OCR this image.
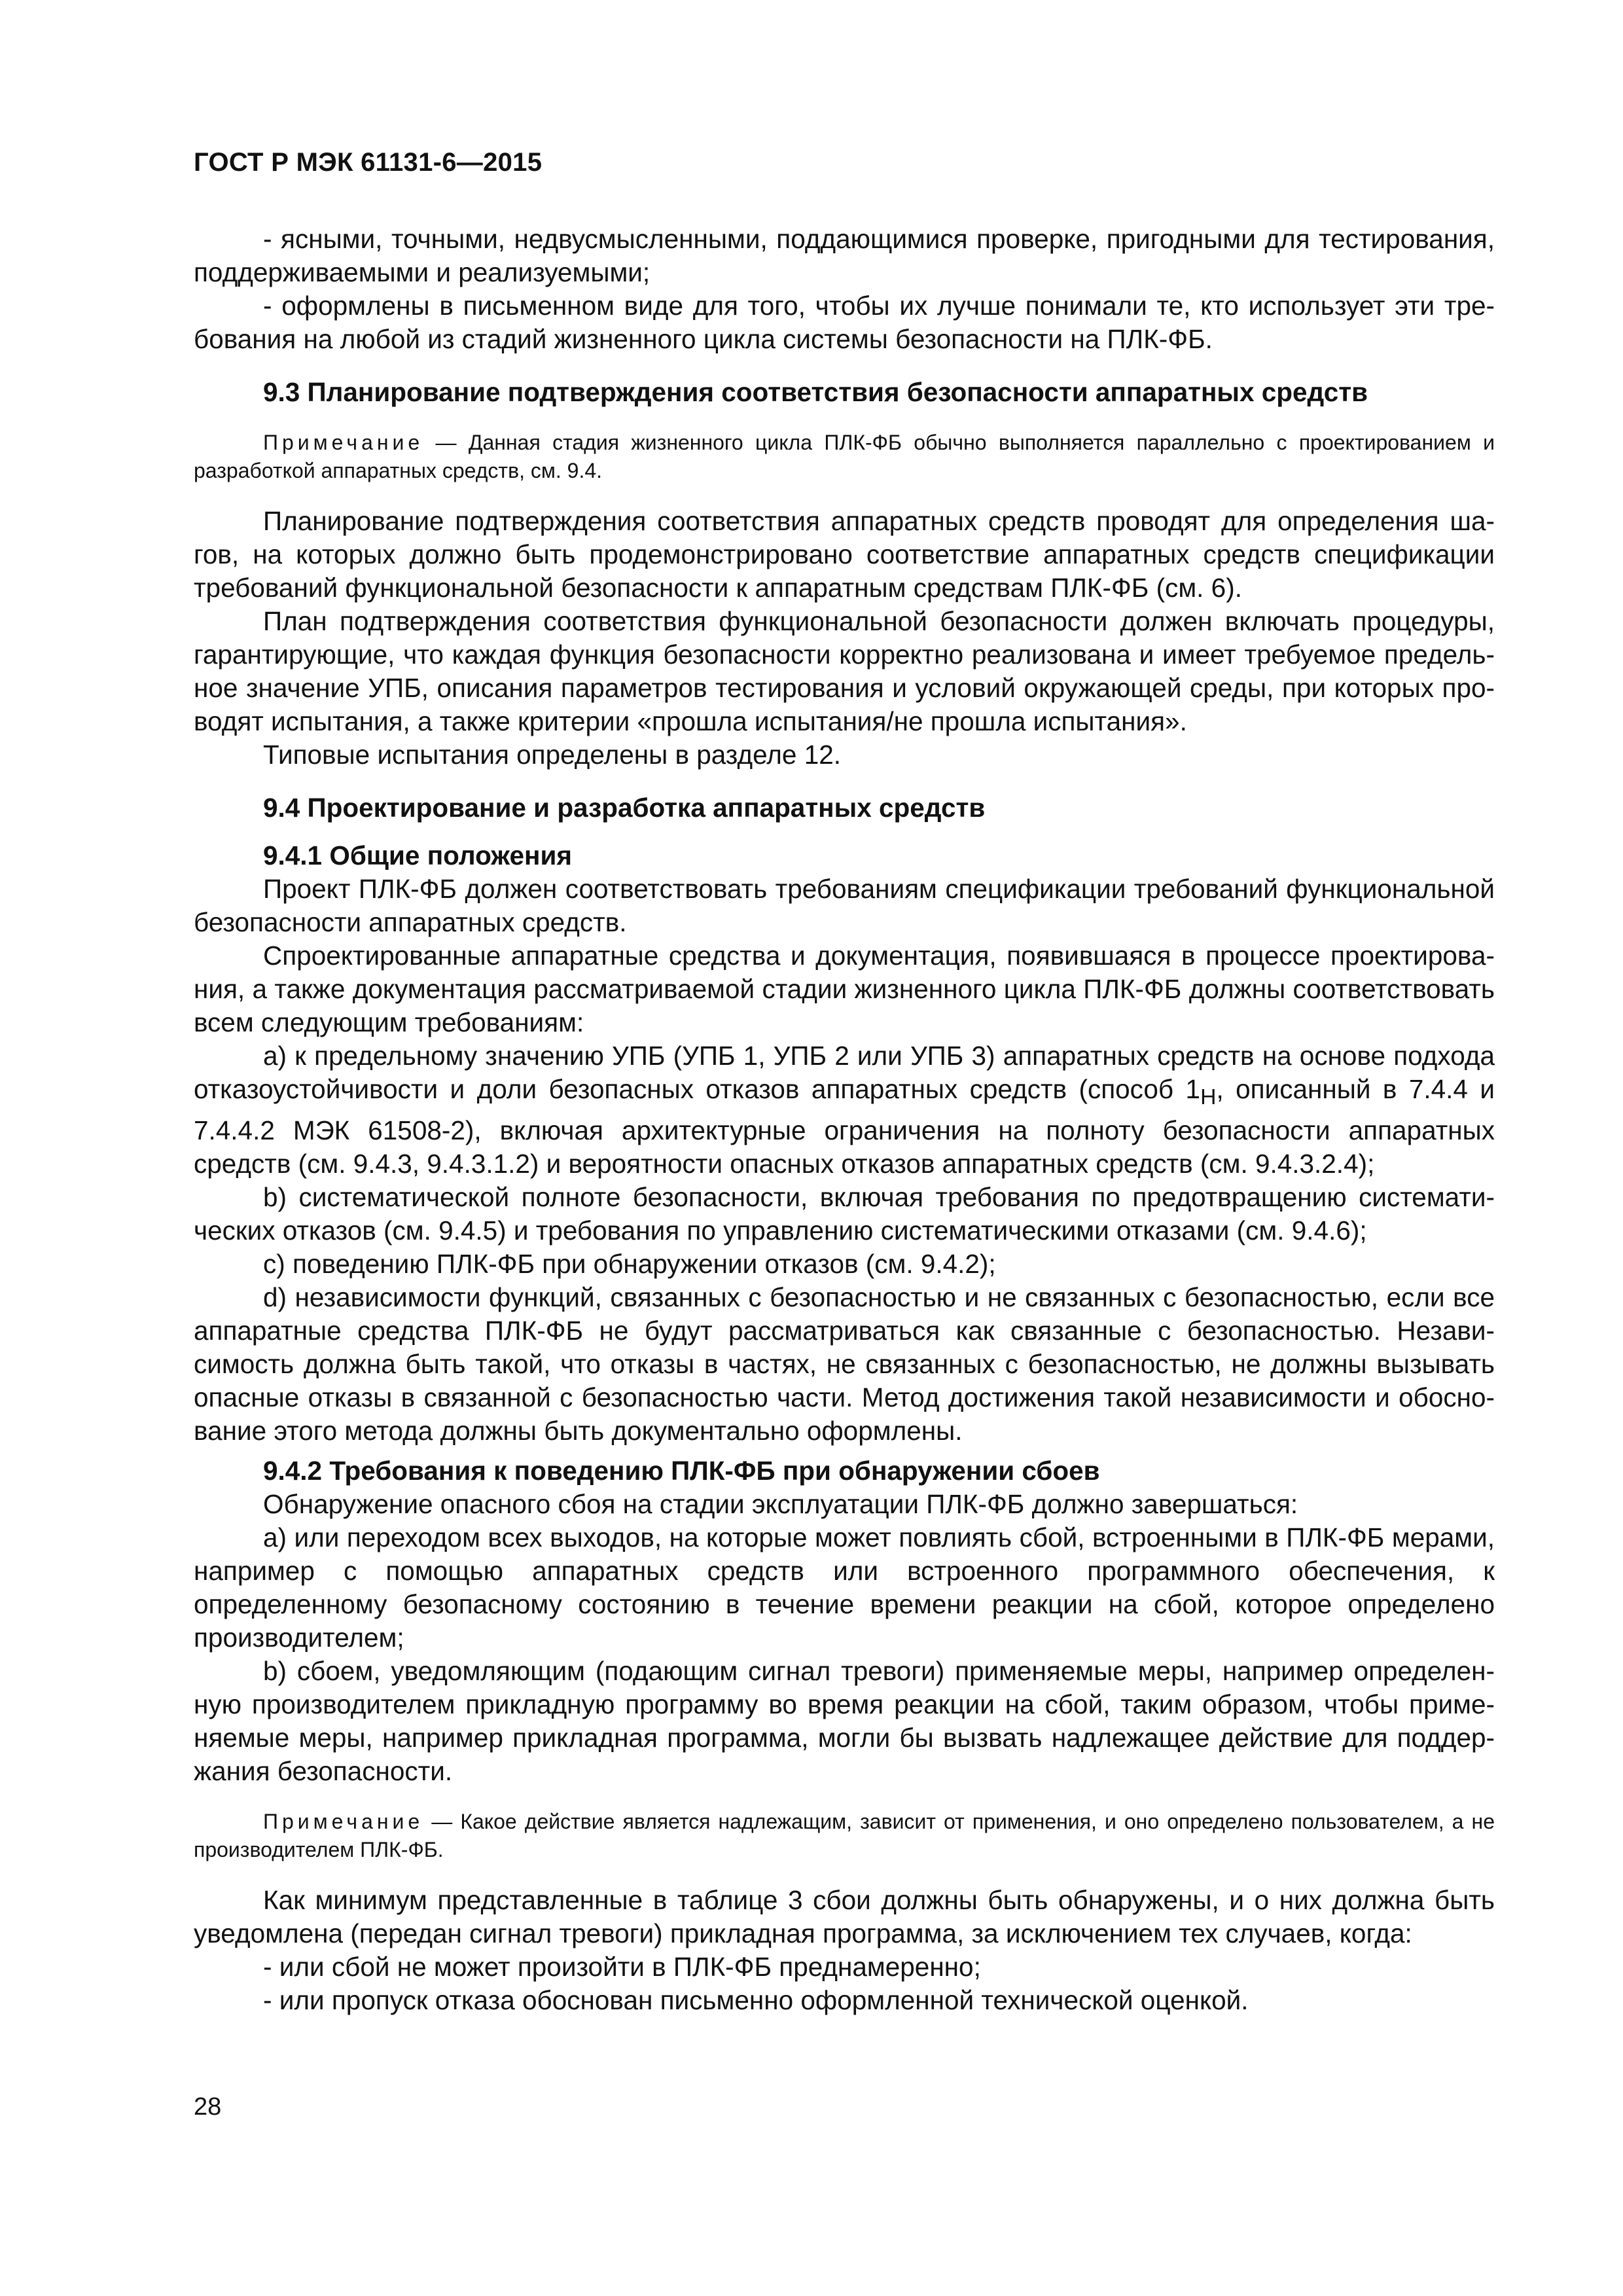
ГОСТ Р МЭК 61131-6—2015

- ясными, точными, недвусмысленными, поддающимися проверке, пригодными для тестирования, поддерживаемыми и реализуемыми;

- оформлены в письменном виде для того, чтобы их лучше понимали те, кто использует эти требования на любой из стадий жизненного цикла системы безопасности на ПЛК-ФБ.

9.3 Планирование подтверждения соответствия безопасности аппаратных средств
Примечание — Данная стадия жизненного цикла ПЛК-ФБ обычно выполняется параллельно с проектированием и разработкой аппаратных средств, см. 9.4.

Планирование подтверждения соответствия аппаратных средств проводят для определения шагов, на которых должно быть продемонстрировано соответствие аппаратных средств спецификации требований функциональной безопасности к аппаратным средствам ПЛК-ФБ (см. 6).

План подтверждения соответствия функциональной безопасности должен включать процедуры, гарантирующие, что каждая функция безопасности корректно реализована и имеет требуемое предельное значение УПБ, описания параметров тестирования и условий окружающей среды, при которых проводят испытания, а также критерии «прошла испытания/не прошла испытания».

Типовые испытания определены в разделе 12.

9.4 Проектирование и разработка аппаратных средств
9.4.1 Общие положения

Проект ПЛК-ФБ должен соответствовать требованиям спецификации требований функциональной безопасности аппаратных средств.

Спроектированные аппаратные средства и документация, появившаяся в процессе проектирования, а также документация рассматриваемой стадии жизненного цикла ПЛК-ФБ должны соответствовать всем следующим требованиям:

a) к предельному значению УПБ (УПБ 1, УПБ 2 или УПБ 3) аппаратных средств на основе подхода отказоустойчивости и доли безопасных отказов аппаратных средств (способ $1_H$, описанный в 7.4.4 и 7.4.4.2 МЭК 61508-2), включая архитектурные ограничения на полноту безопасности аппаратных средств (см. 9.4.3, 9.4.3.1.2) и вероятности опасных отказов аппаратных средств (см. 9.4.3.2.4);

b) систематической полноте безопасности, включая требования по предотвращению систематических отказов (см. 9.4.5) и требования по управлению систематическими отказами (см. 9.4.6);

c) поведению ПЛК-ФБ при обнаружении отказов (см. 9.4.2);

d) независимости функций, связанных с безопасностью и не связанных с безопасностью, если все аппаратные средства ПЛК-ФБ не будут рассматриваться как связанные с безопасностью. Независимость должна быть такой, что отказы в частях, не связанных с безопасностью, не должны вызывать опасные отказы в связанной с безопасностью части. Метод достижения такой независимости и обоснование этого метода должны быть документально оформлены.

9.4.2 Требования к поведению ПЛК-ФБ при обнаружении сбоев

Обнаружение опасного сбоя на стадии эксплуатации ПЛК-ФБ должно завершаться:

a) или переходом всех выходов, на которые может повлиять сбой, встроенными в ПЛК-ФБ мерами, например с помощью аппаратных средств или встроенного программного обеспечения, к определенному безопасному состоянию в течение времени реакции на сбой, которое определено производителем;

b) сбоем, уведомляющим (подающим сигнал тревоги) применяемые меры, например определенную производителем прикладную программу во время реакции на сбой, таким образом, чтобы применяемые меры, например прикладная программа, могли бы вызвать надлежащее действие для поддержания безопасности.

Примечание — Какое действие является надлежащим, зависит от применения, и оно определено пользователем, а не производителем ПЛК-ФБ.

Как минимум представленные в таблице 3 сбои должны быть обнаружены, и о них должна быть уведомлена (передан сигнал тревоги) прикладная программа, за исключением тех случаев, когда:

- или сбой не может произойти в ПЛК-ФБ преднамеренно;

- или пропуск отказа обоснован письменно оформленной технической оценкой.

28
